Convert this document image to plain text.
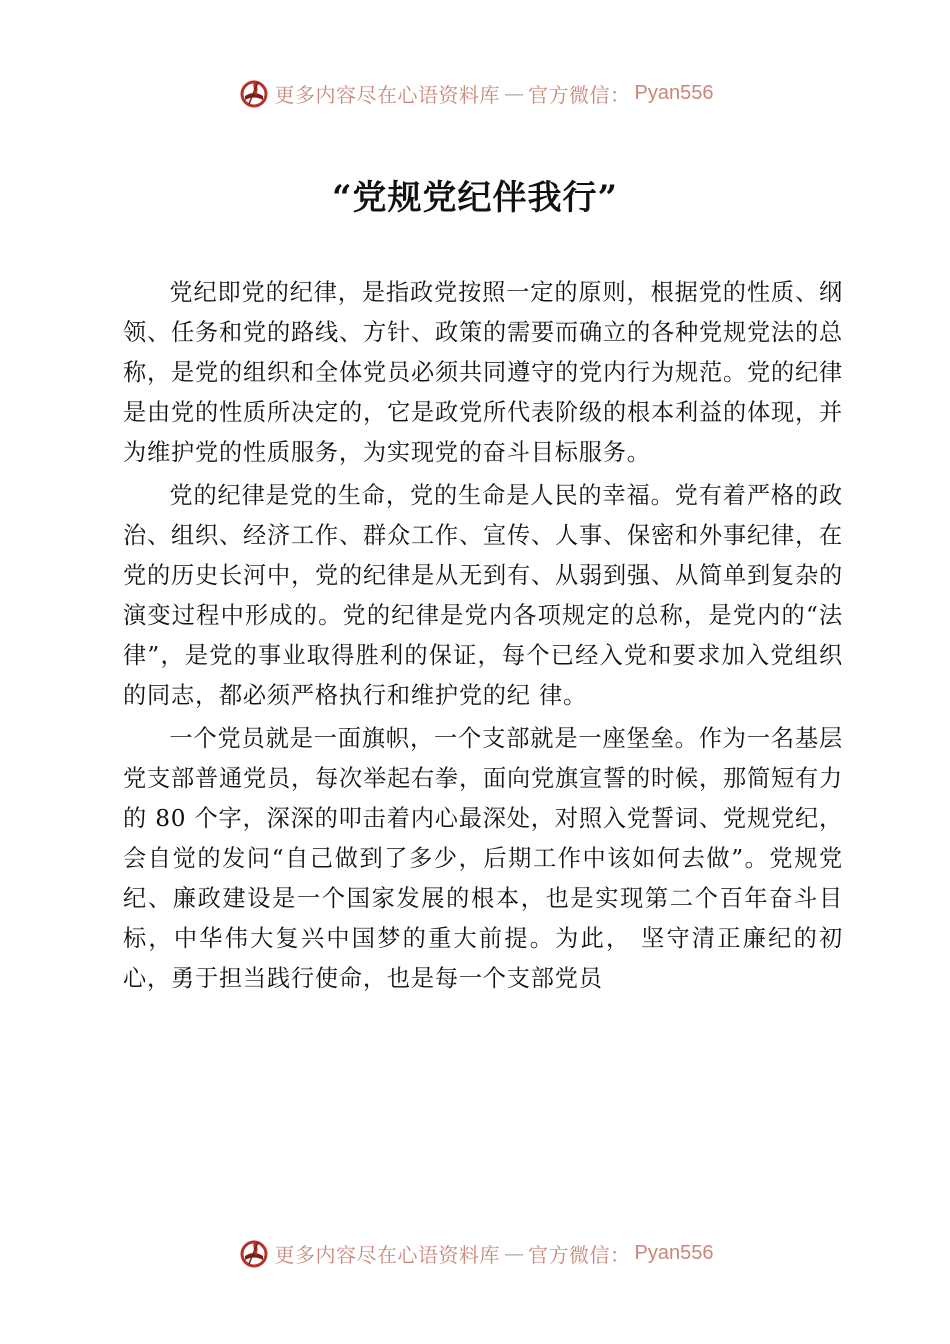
更多内容尽在心语资料库 — 官方微信： Pyan556
“党规党纪伴我行”

党纪即党的纪律，是指政党按照一定的原则，根据党的性质、纲领、任务和党的路线、方针、政策的需要而确立的各种党规党法的总称，是党的组织和全体党员必须共同遵守的党内行为规范。党的纪律是由党的性质所决定的，它是政党所代表阶级的根本利益的体现，并为维护党的性质服务，为实现党的奋斗目标服务。

党的纪律是党的生命，党的生命是人民的幸福。党有着严格的政治、组织、经济工作、群众工作、宣传、人事、保密和外事纪律，在党的历史长河中，党的纪律是从无到有、从弱到强、从简单到复杂的演变过程中形成的。党的纪律是党内各项规定的总称，是党内的“法律”，是党的事业取得胜利的保证，每个已经入党和要求加入党组织的同志，都必须严格执行和维护党的纪 律。

一个党员就是一面旗帜，一个支部就是一座堡垒。作为一名基层党支部普通党员，每次举起右拳，面向党旗宣誓的时候，那简短有力的 80 个字，深深的叩击着内心最深处，对照入党誓词、党规党纪，会自觉的发问“自己做到了多少，后期工作中该如何去做”。党规党纪、廉政建设是一个国家发展的根本，也是实现第二个百年奋斗目标，中华伟大复兴中国梦的重大前提。为此， 坚守清正廉纪的初心，勇于担当践行使命，也是每一个支部党员

更多内容尽在心语资料库 — 官方微信： Pyan556
